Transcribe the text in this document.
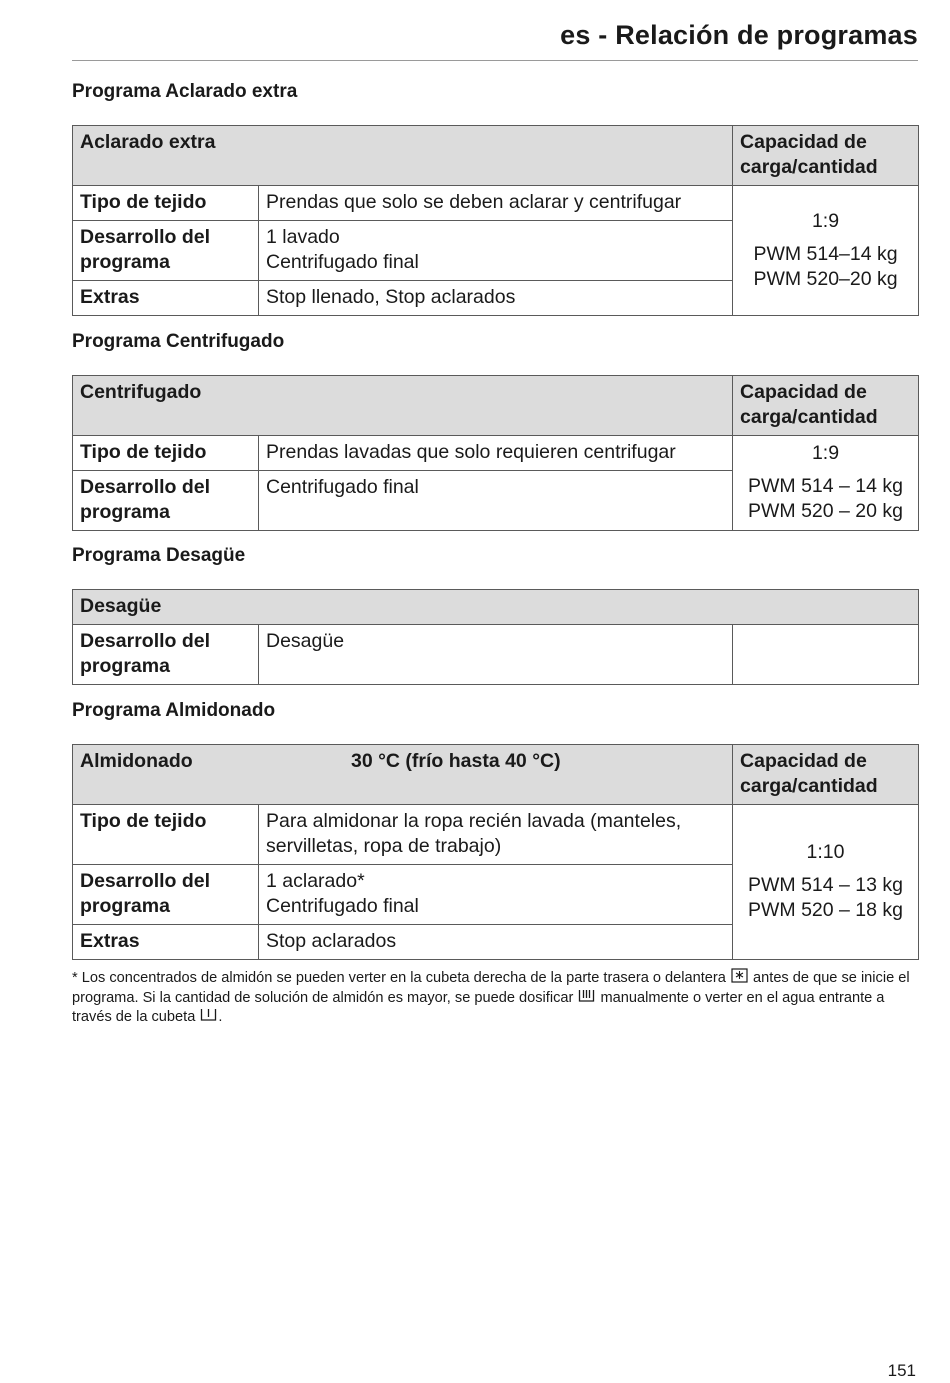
es - Relación de programas
Programa Aclarado extra
Aclarado extra		Capacidad de carga/cantidad
Tipo de tejido	Prendas que solo se deben aclarar y centrifugar	1:9
PWM 514–14 kg
PWM 520–20 kg

Desarrollo del programa	1 lavado
Centrifugado final	

Extras	Stop llenado, Stop aclarados	
Programa Centrifugado
Centrifugado		Capacidad de carga/cantidad
Tipo de tejido	Prendas lavadas que solo requieren centrifugar	1:9
PWM 514 – 14 kg
PWM 520 – 20 kg

Desarrollo del programa	Centrifugado final	
Programa Desagüe
Desagüe
Desarrollo del programa	Desagüe	
Programa Almidonado
Almidonado 30 °C (frío hasta 40 °C)		Capacidad de carga/cantidad
Tipo de tejido	Para almidonar la ropa recién lavada (manteles, servilletas, ropa de trabajo)	1:10
PWM 514 – 13 kg
PWM 520 – 18 kg

Desarrollo del programa	1 aclarado*
Centrifugado final	

Extras	Stop aclarados	
* Los concentrados de almidón se pueden verter en la cubeta derecha de la parte trasera o delantera antes de que se inicie el programa. Si la cantidad de solución de almidón es mayor, se puede dosificar manualmente o verter en el agua entrante a través de la cubeta .
151
